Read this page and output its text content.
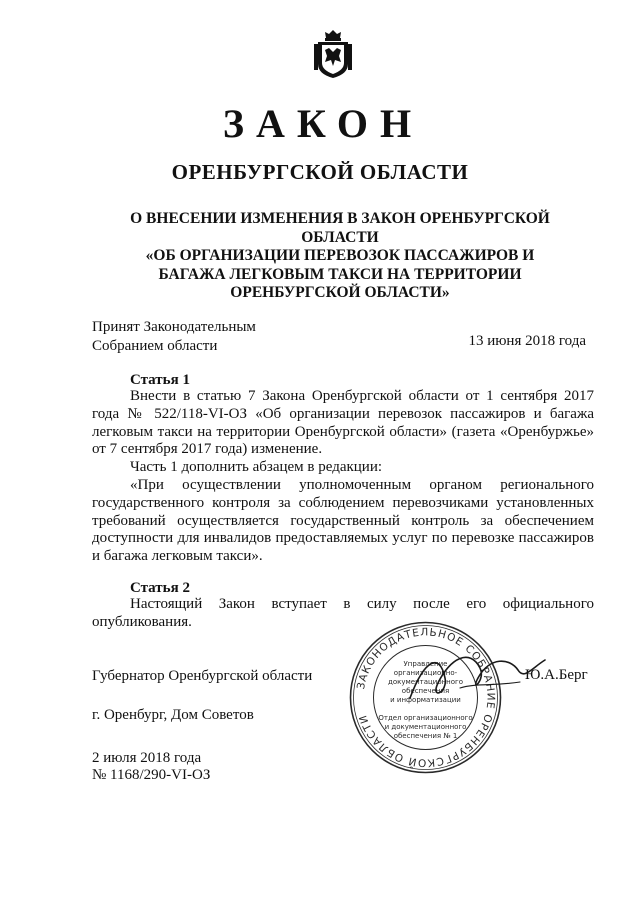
ЗАКОН
ОРЕНБУРГСКОЙ ОБЛАСТИ
О ВНЕСЕНИИ ИЗМЕНЕНИЯ В ЗАКОН ОРЕНБУРГСКОЙ ОБЛАСТИ
«ОБ ОРГАНИЗАЦИИ ПЕРЕВОЗОК ПАССАЖИРОВ И
БАГАЖА ЛЕГКОВЫМ ТАКСИ НА ТЕРРИТОРИИ
ОРЕНБУРГСКОЙ ОБЛАСТИ»
Принят Законодательным
Собранием области	13 июня 2018 года
Статья 1

Внести в статью 7 Закона Оренбургской области от 1 сентября 2017 года № 522/118-VI-ОЗ «Об организации перевозок пассажиров и багажа легковым такси на территории Оренбургской области» (газета «Оренбуржье» от 7 сентября 2017 года) изменение.

Часть 1 дополнить абзацем в редакции:

«При осуществлении уполномоченным органом регионального государственного контроля за соблюдением перевозчиками установленных требований осуществляется государственный контроль за обеспечением доступности для инвалидов предоставляемых услуг по перевозке пассажиров и багажа легковым такси».

Статья 2

Настоящий Закон вступает в силу после его официального опубликования.

ЗАКОНОДАТЕЛЬНОЕ СОБРАНИЕ ОРЕНБУРГСКОЙ ОБЛАСТИ
Управление
организационно-
документационного
обеспечения
и информатизации
Отдел организационного
и документационного
обеспечения № 1
Губернатор Оренбургской области	Ю.А.Берг
г. Оренбург, Дом Советов
2 июля 2018 года
№ 1168/290-VI-ОЗ
